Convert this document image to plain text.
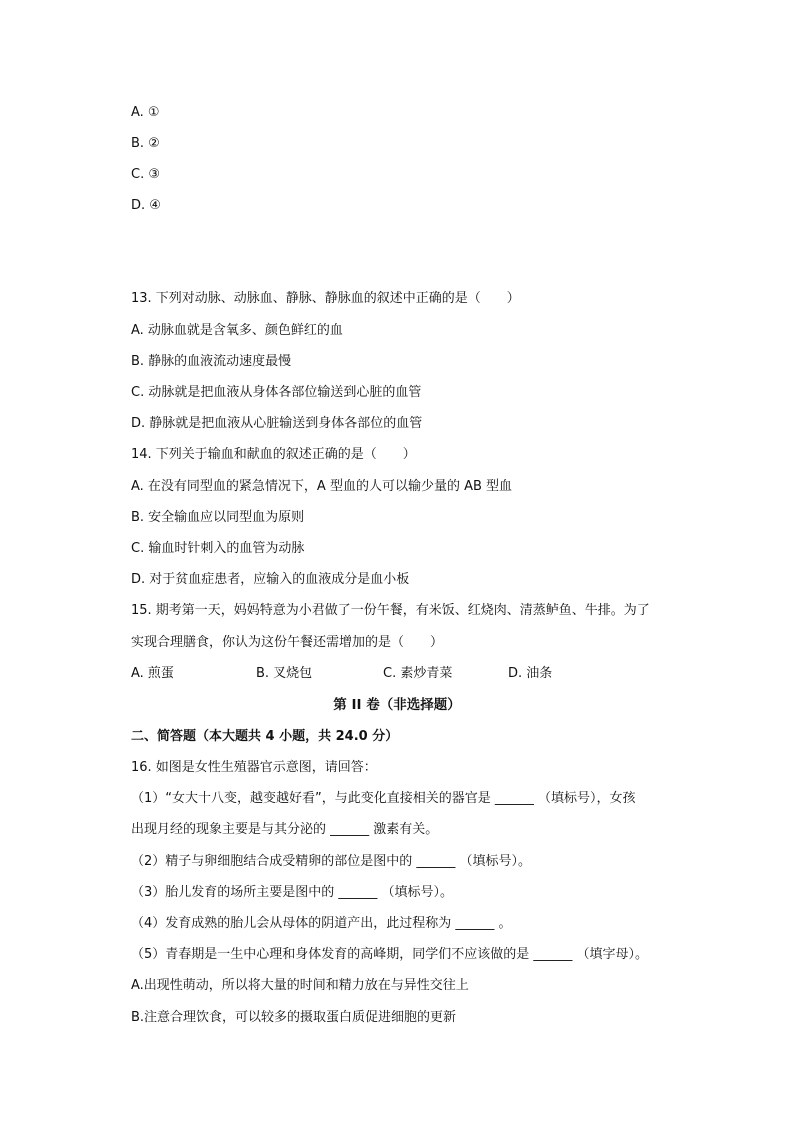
A. ①
B. ②
C. ③
D. ④
13. 下列对动脉、动脉血、静脉、静脉血的叙述中正确的是（　　）
A. 动脉血就是含氧多、颜色鲜红的血
B. 静脉的血液流动速度最慢
C. 动脉就是把血液从身体各部位输送到心脏的血管
D. 静脉就是把血液从心脏输送到身体各部位的血管
14. 下列关于输血和献血的叙述正确的是（　　）
A. 在没有同型血的紧急情况下，A 型血的人可以输少量的 AB 型血
B. 安全输血应以同型血为原则
C. 输血时针刺入的血管为动脉
D. 对于贫血症患者，应输入的血液成分是血小板
15. 期考第一天，妈妈特意为小君做了一份午餐，有米饭、红烧肉、清蒸鲈鱼、牛排。为了
实现合理膳食，你认为这份午餐还需增加的是（　　）
A. 煎蛋	B. 叉烧包	C. 素炒青菜	D. 油条
第 II 卷（非选择题）
二、简答题（本大题共 4 小题，共 24.0 分）
16. 如图是女性生殖器官示意图，请回答：
（1）“女大十八变，越变越好看”，与此变化直接相关的器官是 ______ （填标号），女孩
出现月经的现象主要是与其分泌的 ______ 激素有关。
（2）精子与卵细胞结合成受精卵的部位是图中的 ______ （填标号）。
（3）胎儿发育的场所主要是图中的 ______ （填标号）。
（4）发育成熟的胎儿会从母体的阴道产出，此过程称为 ______ 。
（5）青春期是一生中心理和身体发育的高峰期，同学们不应该做的是 ______ （填字母）。
A.出现性萌动，所以将大量的时间和精力放在与异性交往上
B.注意合理饮食，可以较多的摄取蛋白质促进细胞的更新
